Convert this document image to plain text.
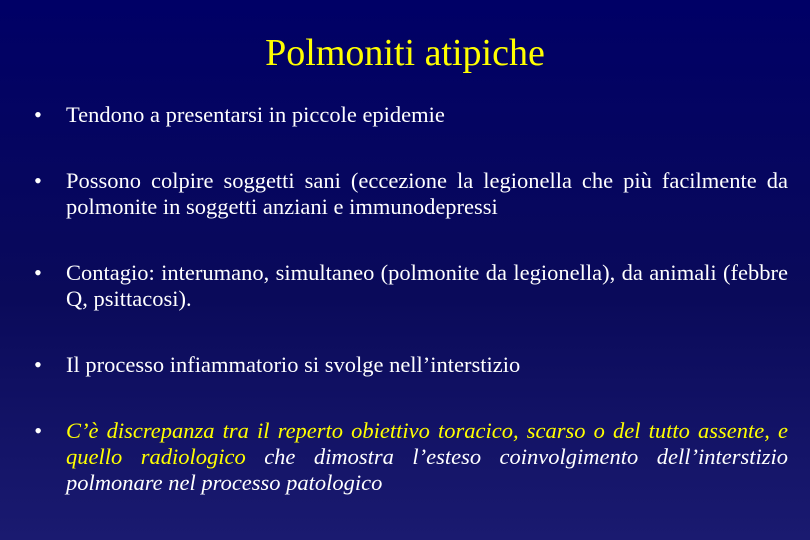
Polmoniti atipiche
•	Tendono a presentarsi in piccole epidemie
•	Possono colpire soggetti sani (eccezione la legionella che più facilmente da polmonite in soggetti anziani e immunodepressi
•	Contagio: interumano, simultaneo (polmonite da legionella), da animali (febbre Q, psittacosi).
•	Il processo infiammatorio si svolge nell’interstizio
•	C’è discrepanza tra il reperto obiettivo toracico, scarso o del tutto assente, e quello radiologico che dimostra l’esteso coinvolgimento dell’interstizio polmonare nel processo patologico
